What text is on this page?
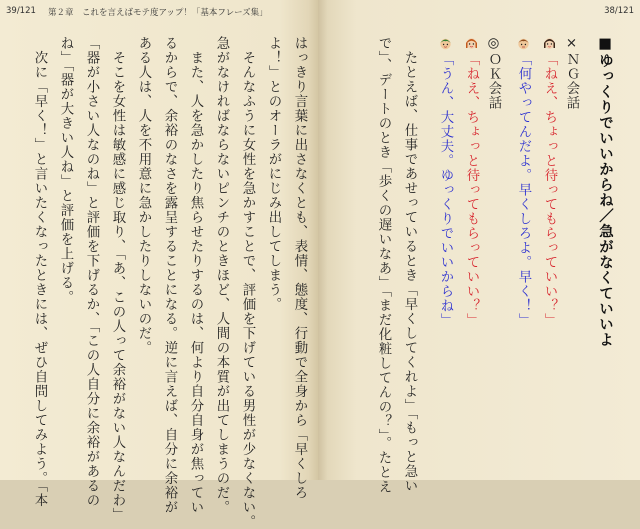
39/121 第２章　これを言えばモテ度アップ！「基本フレーズ集」
はっきり言葉に出さなくとも、表情、態度、行動で全身から「早くしろ
よ！」とのオーラがにじみ出してしまう。
　そんなふうに女性を急かすことで、評価を下げている男性が少なくない。
急がなければならないピンチのときほど、人間の本質が出てしまうのだ。
　また、人を急かしたり焦らせたりするのは、何より自分自身が焦ってい
るからで、余裕のなさを露呈することになる。逆に言えば、自分に余裕が
ある人は、人を不用意に急かしたりしないのだ。
　そこを女性は敏感に感じ取り、「あ、この人って余裕がない人なんだわ」
「器が小さい人なのね」と評価を下げるか、「この人自分に余裕があるの
ね」「器が大きい人ね」と評価を上げる。
　次に「早く！」と言いたくなったときには、ぜひ自問してみよう。「本
38/121
■ゆっくりでいいからね／急がなくていいよ
×ＮＧ会話
「ねえ、ちょっと待ってもらっていい？」
「何やってんだよ。早くしろよ。早く！」
◎ＯＫ会話
「ねえ、ちょっと待ってもらっていい？」
「うん、大丈夫。ゆっくりでいいからね」
　たとえば、仕事であせっているとき「早くしてくれよ」「もっと急い
で」、デートのとき「歩くの遅いなあ」「まだ化粧してんの？」。たとえ
